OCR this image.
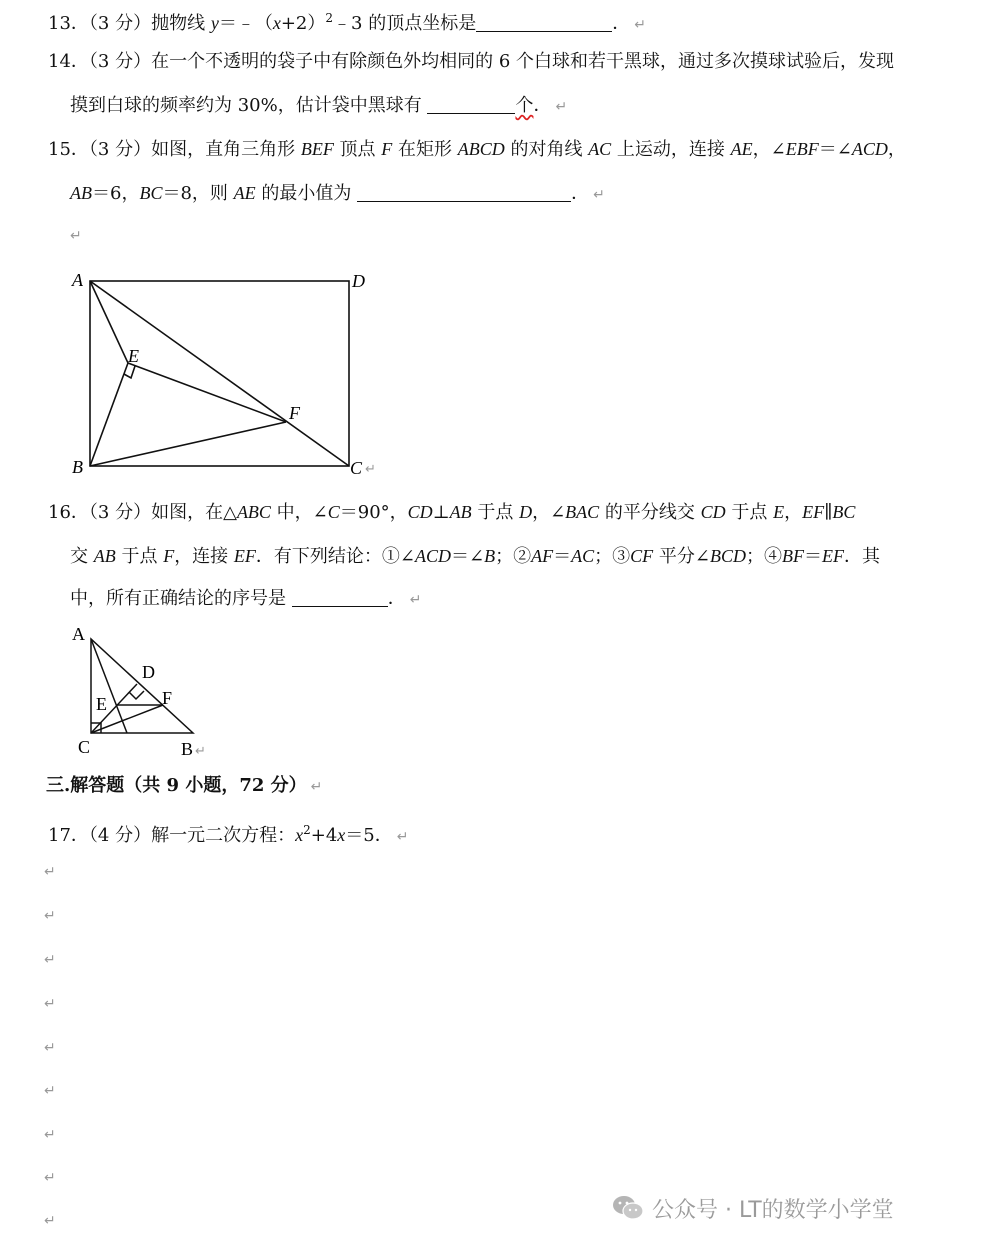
13．（3 分）抛物线 $y=﹣(x+2)^2﹣3$ 的顶点坐标是	． ↵
14．（3 分）在一个不透明的袋子中有除颜色外均相同的 6 个白球和若干黑球，通过多次摸球试验后，发现
摸到白球的频率约为 30%，估计袋中黑球有	个． ↵
15．（3 分）如图，直角三角形 BEF 顶点 F 在矩形 ABCD 的对角线 AC 上运动，连接 AE，∠EBF＝∠ACD，
AB＝6，BC＝8，则 AE 的最小值为	． ↵
↵
A	D
E
F
B	C ↵
16．（3 分）如图，在△ABC 中，∠C＝90°，CD⊥AB 于点 D，∠BAC 的平分线交 CD 于点 E，EF∥BC
交 AB 于点 F，连接 EF．有下列结论：①∠ACD＝∠B；②AF＝AC；③CF 平分∠BCD；④BF＝EF．其
中，所有正确结论的序号是	． ↵
A
D
E	F
C	B ↵
三.解答题（共 9 小题，72 分） ↵
17．（4 分）解一元二次方程：$x^2+4x=5$． ↵
↵
↵
↵
↵
↵
↵
↵
↵
↵	公众号 · LT的数学小学堂
